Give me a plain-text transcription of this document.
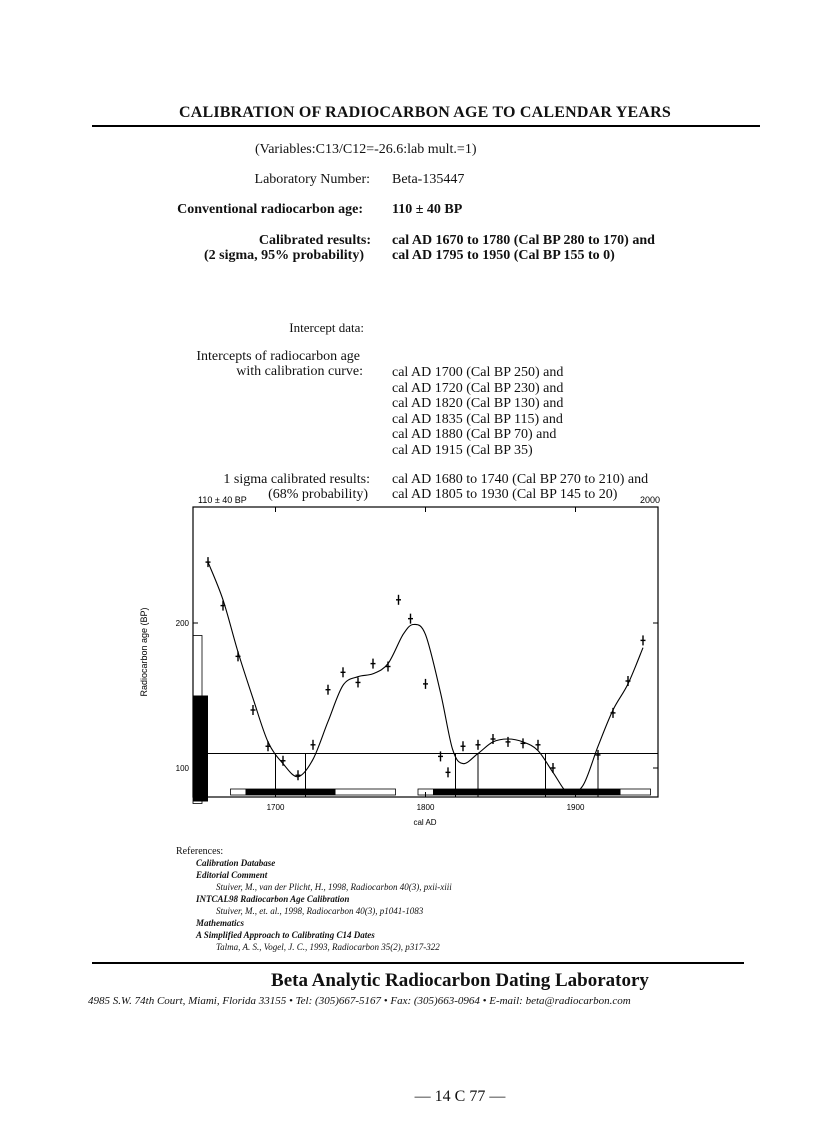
CALIBRATION OF RADIOCARBON AGE TO CALENDAR YEARS
(Variables:C13/C12=-26.6:lab mult.=1)
Laboratory Number: Beta-135447
Conventional radiocarbon age: 110 ± 40 BP
Calibrated results:
(2 sigma, 95% probability)
cal AD 1670 to 1780 (Cal BP 280 to 170) and
cal AD 1795 to 1950 (Cal BP 155 to 0)
Intercept data:
Intercepts of radiocarbon age
with calibration curve: cal AD 1700 (Cal BP 250) and
cal AD 1720 (Cal BP 230) and
cal AD 1820 (Cal BP 130) and
cal AD 1835 (Cal BP 115) and
cal AD 1880 (Cal BP 70) and
cal AD 1915 (Cal BP 35)
1 sigma calibrated results:
(68% probability)
cal AD 1680 to 1740 (Cal BP 270 to 210) and
cal AD 1805 to 1930 (Cal BP 145 to 20)
110 ± 40 BP	2000
cal AD
Radiocarbon age (BP)
1700	1800	1900
100
200
References:
Calibration Database
Editorial Comment
Stuiver, M., van der Plicht, H., 1998, Radiocarbon 40(3), pxii-xiii
INTCAL98 Radiocarbon Age Calibration
Stuiver, M., et. al., 1998, Radiocarbon 40(3), p1041-1083
Mathematics
A Simplified Approach to Calibrating C14 Dates
Talma, A. S., Vogel, J. C., 1993, Radiocarbon 35(2), p317-322
Beta Analytic Radiocarbon Dating Laboratory
4985 S.W. 74th Court, Miami, Florida 33155 • Tel: (305)667-5167 • Fax: (305)663-0964 • E-mail: beta@radiocarbon.com
— 14 C 77 —
